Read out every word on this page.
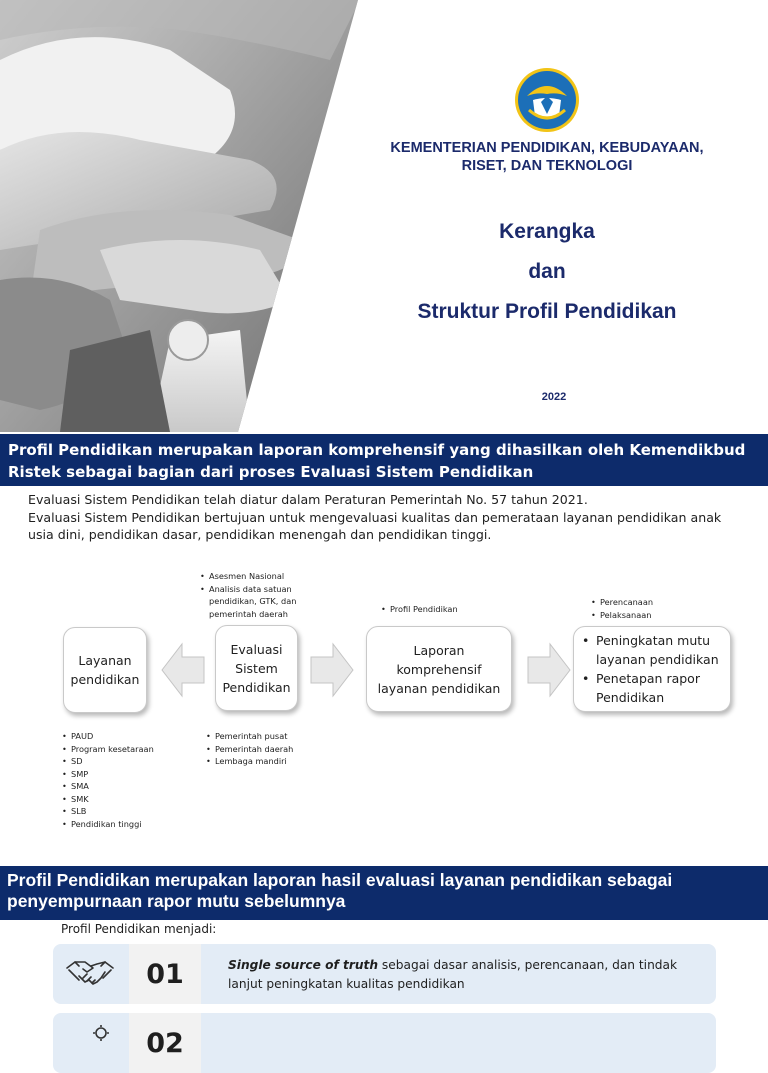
KEMENTERIAN PENDIDIKAN, KEBUDAYAAN,
RISET, DAN TEKNOLOGI
Kerangka
dan
Struktur Profil Pendidikan
2022
Profil Pendidikan merupakan laporan komprehensif yang dihasilkan oleh Kemendikbud Ristek sebagai bagian dari proses Evaluasi Sistem Pendidikan

Evaluasi Sistem Pendidikan telah diatur dalam Peraturan Pemerintah No. 57 tahun 2021.

Evaluasi Sistem Pendidikan bertujuan untuk mengevaluasi kualitas dan pemerataan layanan pendidikan anak usia dini, pendidikan dasar, pendidikan menengah dan pendidikan tinggi.

• Asesmen Nasional
• Analisis data satuan
pendidikan, GTK, dan
pemerintah daerah
•	Profil Pendidikan
• Perencanaan
• Pelaksanaan
Layanan
pendidikan
Evaluasi
Sistem
Pendidikan
Laporan
komprehensif
layanan pendidikan
• Peningkatan mutu layanan pendidikan
• Penetapan rapor Pendidikan
• PAUD
• Program kesetaraan
• SD
• SMP
• SMA
• SMK
• SLB
• Pendidikan tinggi
• Pemerintah pusat
• Pemerintah daerah
• Lembaga mandiri
Profil Pendidikan merupakan laporan hasil evaluasi layanan pendidikan sebagai
penyempurnaan rapor mutu sebelumnya
Profil Pendidikan menjadi:
01	Single source of truth sebagai dasar analisis, perencanaan, dan tindak lanjut peningkatan kualitas pendidikan
02
